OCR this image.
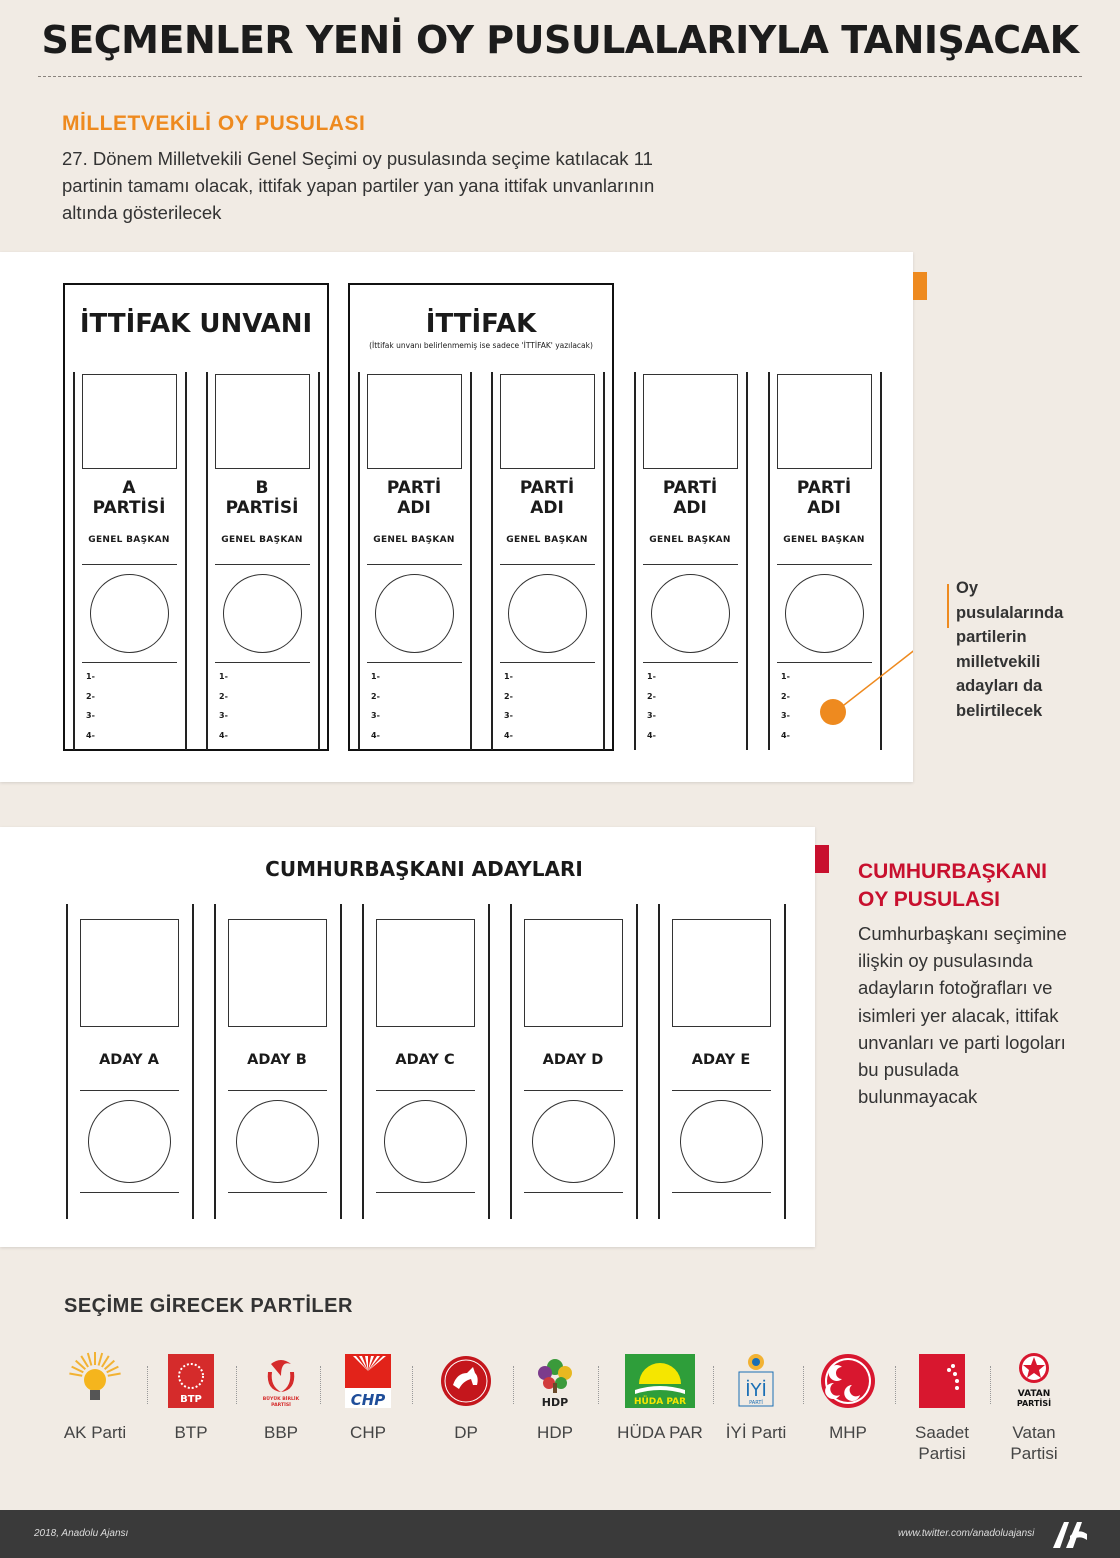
SEÇMENLER YENİ OY PUSULALARIYLA TANIŞACAK
MİLLETVEKİLİ OY PUSULASI
27. Dönem Milletvekili Genel Seçimi oy pusulasında seçime katılacak 11 partinin tamamı olacak, ittifak yapan partiler yan yana ittifak unvanlarının altında gösterilecek
İTTİFAK UNVANI	İTTİFAK
(İttifak unvanı belirlenmemiş ise sadece 'İTTİFAK' yazılacak)
A
PARTİSİ
GENEL BAŞKAN
1-
2-
3-
4-
B
PARTİSİ
GENEL BAŞKAN
1-
2-
3-
4-
PARTİ
ADI
GENEL BAŞKAN
1-
2-
3-
4-
PARTİ
ADI
GENEL BAŞKAN
1-
2-
3-
4-
PARTİ
ADI
GENEL BAŞKAN
1-
2-
3-
4-
PARTİ
ADI
GENEL BAŞKAN
1-
2-
3-
4-
Oy pusulalarında partilerin milletvekili adayları da belirtilecek
CUMHURBAŞKANI ADAYLARI
ADAY A	ADAY B	ADAY C	ADAY D	ADAY E
CUMHURBAŞKANI
OY PUSULASI
Cumhurbaşkanı seçimine ilişkin oy pusulasında adayların fotoğrafları ve isimleri yer alacak, ittifak unvanları ve parti logoları bu pusulada bulunmayacak
SEÇİME GİRECEK PARTİLER
AK Parti
BTP
BTP
BÜYÜK BİRLİK
PARTİSİ
BBP
CHP
CHP	DP
HDP
HDP
HÜDA PAR
HÜDA PAR
İYİ
PARTİ
İYİ Parti	MHP	Saadet
Partisi
VATAN
PARTİSİ
Vatan
Partisi
2018, Anadolu Ajansı	www.twitter.com/anadoluajansi
